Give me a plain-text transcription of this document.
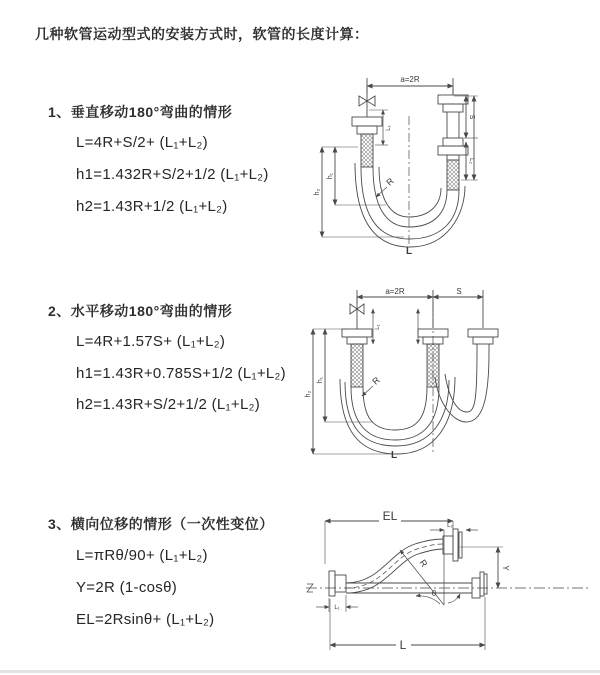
几种软管运动型式的安装方式时，软管的长度计算：
1、垂直移动180°弯曲的情形
L=4R+S/2+ (L₁+L₂)
h1=1.432R+S/2+1/2 (L₁+L₂)
h2=1.43R+1/2 (L₁+L₂)
2、水平移动180°弯曲的情形
L=4R+1.57S+ (L₁+L₂)
h1=1.43R+0.785S+1/2 (L₁+L₂)
h2=1.43R+S/2+1/2 (L₁+L₂)
3、横向位移的情形（一次性变位）
L=πRθ/90+ (L₁+L₂)
Y=2R (1-cosθ)
EL=2Rsinθ+ (L₁+L₂)
a=2R
h₂
h₁
L₁
S
L₂
R
L
a=2R	S
h₂
h₁
L₁
R
L
EL
L₂
R
θ
Y
L
L₁
